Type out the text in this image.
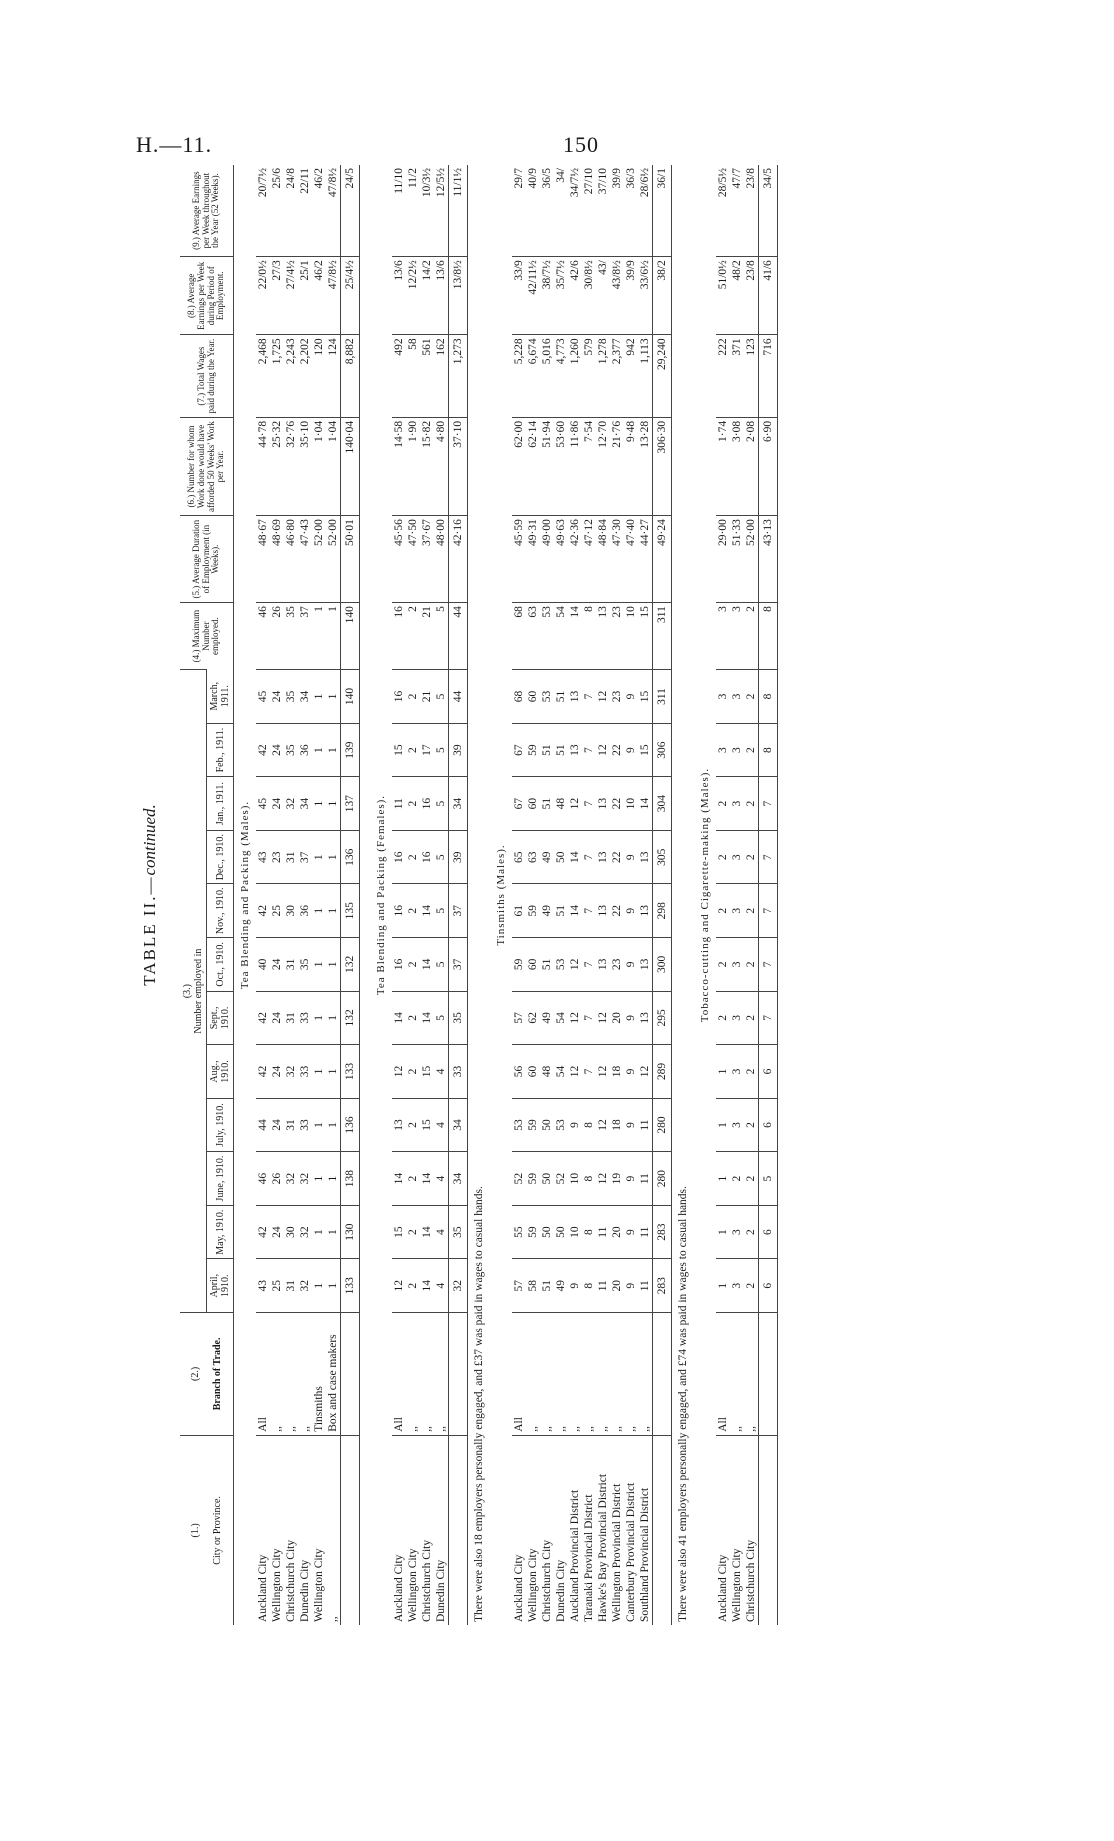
H.—11.	150
TABLE II.—continued.
(1.) City or Province.	(2.) Branch of Trade.	(3.)
Number employed in												(4.) Maximum Number employed.	(5.) Average Duration of Employment (in Weeks).	(6.) Number for whom Work done would have afforded 50 Weeks' Work per Year.	(7.) Total Wages paid during the Year.	(8.) Average Earnings per Week during Period of Employment.	(9.) Average Earnings per Week throughout the Year (52 Weeks).
		April, 1910.	May, 1910.	June, 1910.	July, 1910.	Aug., 1910.	Sept., 1910.	Oct., 1910.	Nov., 1910.	Dec., 1910.	Jan., 1911.	Feb., 1911.	March, 1911.						
Tea Blending and Packing (Males).																			
Auckland City	All	43	42	46	44	42	42	40	42	43	45	42	45	46	48·67	44·78	2,468	22/0½	20/7½
Wellington City	,,	25	24	26	24	24	24	24	25	23	24	24	24	26	48·69	25·32	1,725	27/3	25/6
Christchurch City	,,	31	30	32	31	32	31	31	30	31	32	35	35	35	46·80	32·76	2,243	27/4½	24/8
Dunedin City	,,	32	32	32	33	33	33	35	36	37	34	36	34	37	47·43	35·10	2,202	25/1	22/11
Wellington City	Tinsmiths	1	1	1	1	1	1	1	1	1	1	1	1	1	52·00	1·04	120	46/2	46/2
,,	Box and case makers	1	1	1	1	1	1	1	1	1	1	1	1	1	52·00	1·04	124	47/8½	47/8½
		133	130	138	136	133	132	132	135	136	137	139	140	140	50·01	140·04	8,882	25/4½	24/5

Tea Blending and Packing (Females).																			
Auckland City	All	12	15	14	13	12	14	16	16	16	11	15	16	16	45·56	14·58	492	13/6	11/10
Wellington City	,,	2	2	2	2	2	2	2	2	2	2	2	2	2	47·50	1·90	58	12/2½	11/2
Christchurch City	,,	14	14	14	15	15	14	14	14	16	16	17	21	21	37·67	15·82	561	14/2	10/3½
Dunedin City	,,	4	4	4	4	4	5	5	5	5	5	5	5	5	48·00	4·80	162	13/6	12/5½
		32	35	34	34	33	35	37	37	39	34	39	44	44	42·16	37·10	1,273	13/8½	11/1½
There were also 18 employers personally engaged, and £37 was paid in wages to casual hands.																			
Tinsmiths (Males).																			
Auckland City	All	57	55	52	53	56	57	59	61	65	67	67	68	68	45·59	62·00	5,228	33/9	29/7
Wellington City	,,	58	59	59	59	60	62	60	59	63	60	59	60	63	49·31	62·14	6,674	42/11½	40/9
Christchurch City	,,	51	50	50	50	48	49	51	49	49	51	51	53	53	49·00	51·94	5,016	38/7½	36/5
Dunedin City	,,	49	50	52	53	54	54	53	51	50	48	51	51	54	49·63	53·60	4,773	35/7½	34/
Auckland Provincial District	,,	9	10	10	9	12	12	12	14	14	12	13	13	14	42·36	11·86	1,260	42/6	34/7½
Taranaki Provincial District	,,	8	8	8	8	7	7	7	7	7	7	7	7	8	47·12	7·54	579	30/8½	27/10
Hawke's Bay Provincial District	,,	11	11	12	12	12	12	13	13	13	13	12	12	13	48·84	12·70	1,278	43/	37/10
Wellington Provincial District	,,	20	20	19	18	18	20	23	22	22	22	22	23	23	47·30	21·76	2,377	43/8½	39/9
Canterbury Provincial District	,,	9	9	9	9	9	9	9	9	9	10	9	9	10	47·40	9·48	942	39/9	36/3
Southland Provincial District	,,	11	11	11	11	12	13	13	13	13	14	15	15	15	44·27	13·28	1,113	33/6½	28/6½
		283	283	280	280	289	295	300	298	305	304	306	311	311	49·24	306·30	29,240	38/2	36/1
There were also 41 employers personally engaged, and £74 was paid in wages to casual hands.																			
Tobacco-cutting and Cigarette-making (Males).																			
Auckland City	All	1	1	1	1	1	2	2	2	2	2	3	3	3	29·00	1·74	222	51/0½	28/5½
Wellington City	,,	3	3	2	3	3	3	3	3	3	3	3	3	3	51·33	3·08	371	48/2	47/7
Christchurch City	,,	2	2	2	2	2	2	2	2	2	2	2	2	2	52·00	2·08	123	23/8	23/8
		6	6	5	6	6	7	7	7	7	7	8	8	8	43·13	6·90	716	41/6	34/5
